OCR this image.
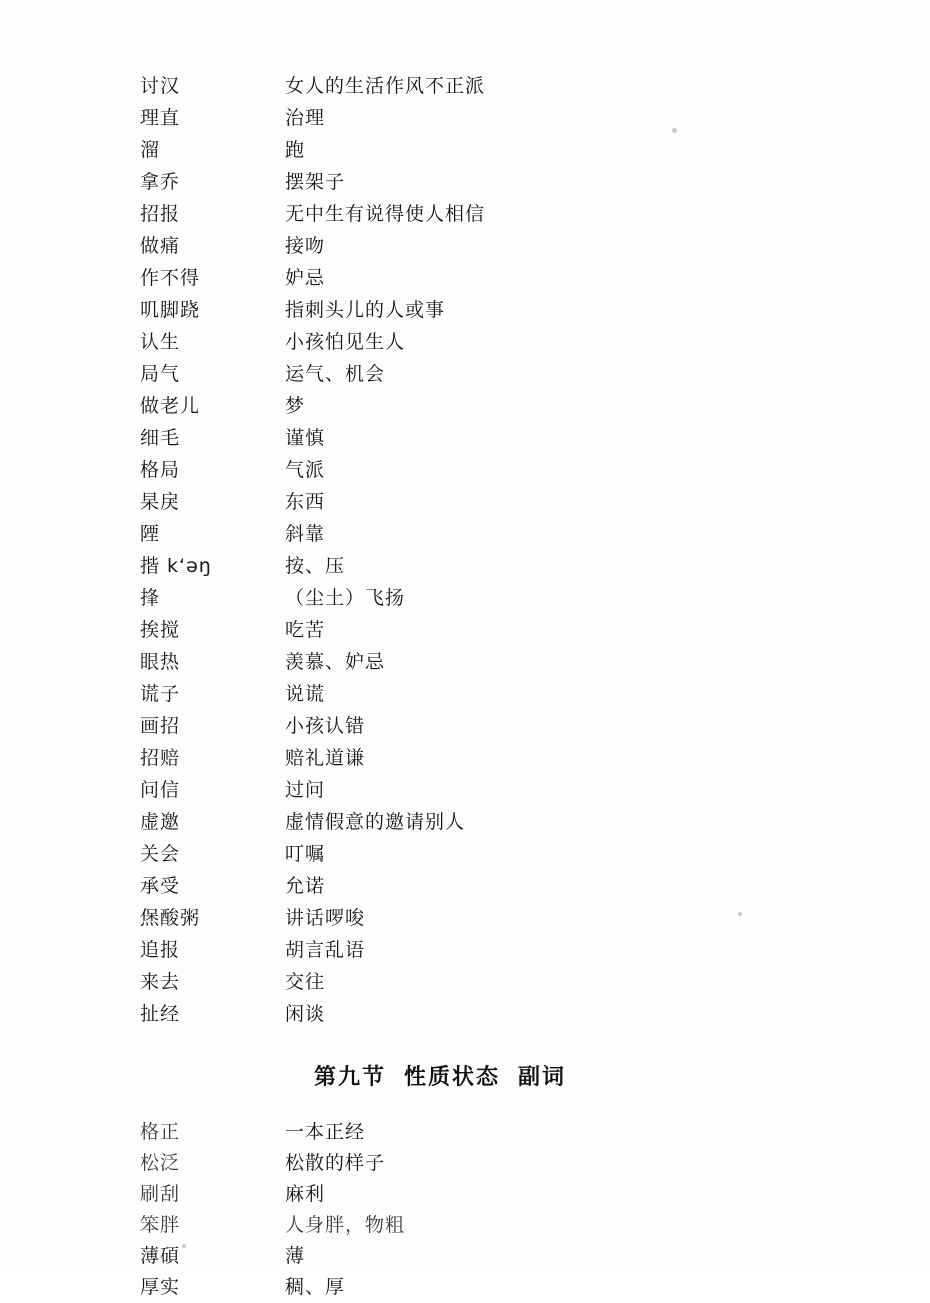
讨汉	女人的生活作风不正派
理直	治理
溜	跑
拿乔	摆架子
招报	无中生有说得使人相信
做痛	接吻
作不得	妒忌
叽脚跷	指刺头儿的人或事
认生	小孩怕见生人
局气	运气、机会
做老儿	梦
细毛	谨慎
格局	气派
杲戾	东西
陻	斜靠
揩 kʻəŋ	按、压
捀	（尘土）飞扬
挨搅	吃苦
眼热	羡慕、妒忌
谎子	说谎
画招	小孩认错
招赔	赔礼道谦
问信	过问
虚邀	虚情假意的邀请别人
关会	叮嘱
承受	允诺
㷛酸粥	讲话啰唆
追报	胡言乱语
来去	交往
扯经	闲谈
第九节 性质状态 副词
格正	一本正经
松泛	松散的样子
刷刮	麻利
笨胖	人身胖，物粗
薄碩	薄
厚实	稠、厚
